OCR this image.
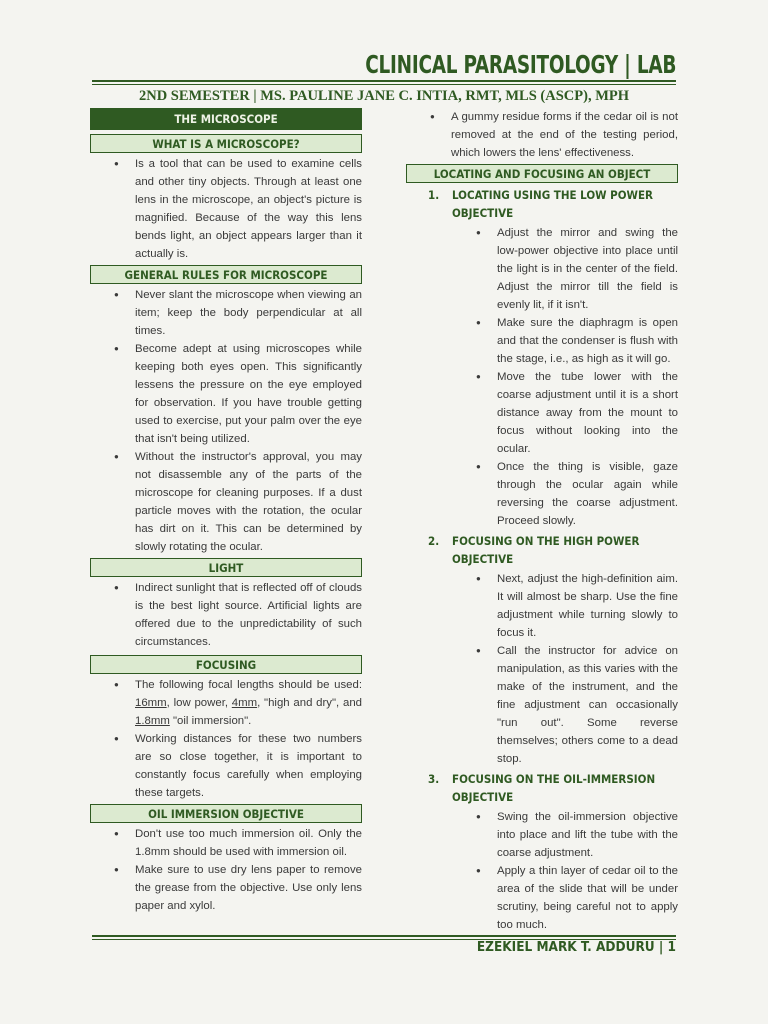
CLINICAL PARASITOLOGY | LAB
2ND SEMESTER | MS. PAULINE JANE C. INTIA, RMT, MLS (ASCP), MPH
THE MICROSCOPE
WHAT IS A MICROSCOPE?
● Is a tool that can be used to examine cells and other tiny objects. Through at least one lens in the microscope, an object's picture is magnified. Because of the way this lens bends light, an object appears larger than it actually is.
GENERAL RULES FOR MICROSCOPE
● Never slant the microscope when viewing an item; keep the body perpendicular at all times.
● Become adept at using microscopes while keeping both eyes open. This significantly lessens the pressure on the eye employed for observation. If you have trouble getting used to exercise, put your palm over the eye that isn't being utilized.
● Without the instructor's approval, you may not disassemble any of the parts of the microscope for cleaning purposes. If a dust particle moves with the rotation, the ocular has dirt on it. This can be determined by slowly rotating the ocular.
LIGHT
● Indirect sunlight that is reflected off of clouds is the best light source. Artificial lights are offered due to the unpredictability of such circumstances.
FOCUSING
● The following focal lengths should be used: 16mm, low power, 4mm, "high and dry", and 1.8mm "oil immersion".
● Working distances for these two numbers are so close together, it is important to constantly focus carefully when employing these targets.
OIL IMMERSION OBJECTIVE
● Don't use too much immersion oil. Only the 1.8mm should be used with immersion oil.
● Make sure to use dry lens paper to remove the grease from the objective. Use only lens paper and xylol.
● A gummy residue forms if the cedar oil is not removed at the end of the testing period, which lowers the lens' effectiveness.
LOCATING AND FOCUSING AN OBJECT
1. LOCATING USING THE LOW POWER OBJECTIVE
● Adjust the mirror and swing the low-power objective into place until the light is in the center of the field. Adjust the mirror till the field is evenly lit, if it isn't.
● Make sure the diaphragm is open and that the condenser is flush with the stage, i.e., as high as it will go.
● Move the tube lower with the coarse adjustment until it is a short distance away from the mount to focus without looking into the ocular.
● Once the thing is visible, gaze through the ocular again while reversing the coarse adjustment. Proceed slowly.
2. FOCUSING ON THE HIGH POWER OBJECTIVE
● Next, adjust the high-definition aim. It will almost be sharp. Use the fine adjustment while turning slowly to focus it.
● Call the instructor for advice on manipulation, as this varies with the make of the instrument, and the fine adjustment can occasionally "run out". Some reverse themselves; others come to a dead stop.
3. FOCUSING ON THE OIL-IMMERSION OBJECTIVE
● Swing the oil-immersion objective into place and lift the tube with the coarse adjustment.
● Apply a thin layer of cedar oil to the area of the slide that will be under scrutiny, being careful not to apply too much.
EZEKIEL MARK T. ADDURU | 1
